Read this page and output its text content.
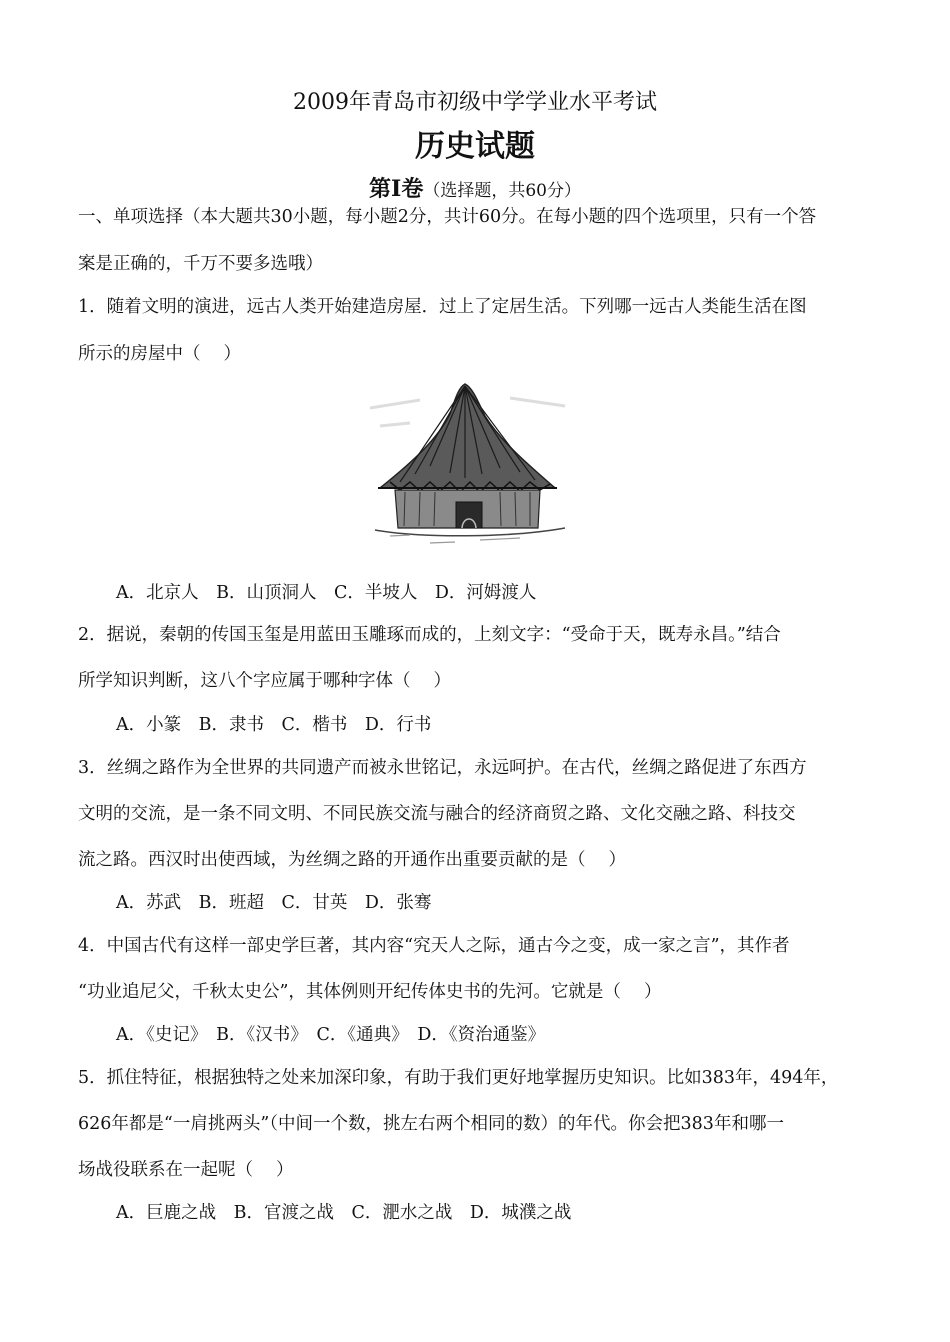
2009年青岛市初级中学学业水平考试
历史试题
第Ⅰ卷（选择题，共60分）
一、单项选择（本大题共30小题，每小题2分，共计60分。在每小题的四个选项里，只有一个答
案是正确的，千万不要多选哦）
1．随着文明的演进，远古人类开始建造房屋．过上了定居生活。下列哪一远古人类能生活在图
所示的房屋中（　 ）
A．北京人　B．山顶洞人　C．半坡人　D．河姆渡人
2．据说，秦朝的传国玉玺是用蓝田玉雕琢而成的，上刻文字：“受命于天，既寿永昌。”结合
所学知识判断，这八个字应属于哪种字体（　 ）
A．小篆　B．隶书　C．楷书　D．行书
3．丝绸之路作为全世界的共同遗产而被永世铭记，永远呵护。在古代，丝绸之路促进了东西方
文明的交流，是一条不同文明、不同民族交流与融合的经济商贸之路、文化交融之路、科技交
流之路。西汉时出使西域，为丝绸之路的开通作出重要贡献的是（　 ）
A．苏武　B．班超　C．甘英　D．张骞
4．中国古代有这样一部史学巨著，其内容“究天人之际，通古今之变，成一家之言”，其作者
“功业追尼父，千秋太史公”，其体例则开纪传体史书的先河。它就是（　 ）
A．《史记》　B．《汉书》　C．《通典》　D．《资治通鉴》
5．抓住特征，根据独特之处来加深印象，有助于我们更好地掌握历史知识。比如383年，494年，
626年都是“一肩挑两头”（中间一个数，挑左右两个相同的数）的年代。你会把383年和哪一
场战役联系在一起呢（　 ）
A．巨鹿之战　B．官渡之战　C．淝水之战　D．城濮之战
